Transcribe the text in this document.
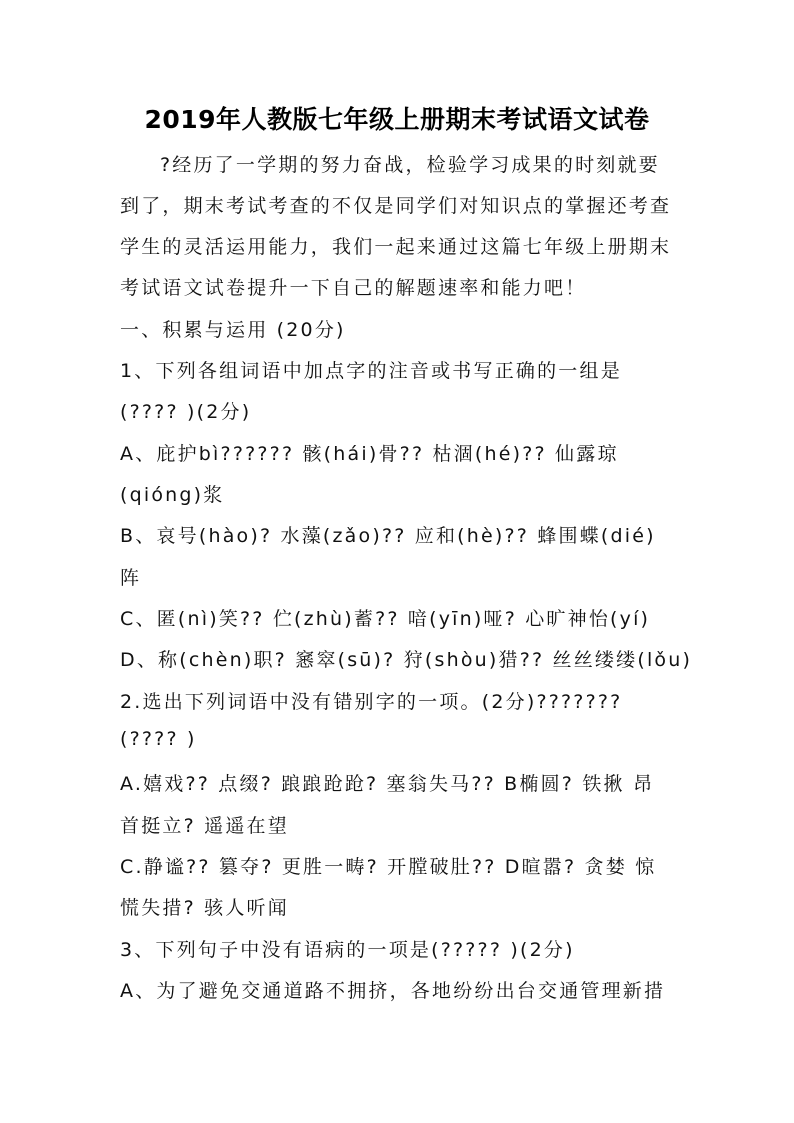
2019年人教版七年级上册期末考试语文试卷
?经历了一学期的努力奋战，检验学习成果的时刻就要
到了，期末考试考查的不仅是同学们对知识点的掌握还考查
学生的灵活运用能力，我们一起来通过这篇七年级上册期末
考试语文试卷提升一下自己的解题速率和能力吧！
一、积累与运用 (20分)
1、下列各组词语中加点字的注音或书写正确的一组是
(???? )(2分)
A、庇护bì?????? 骸(hái)骨?? 枯涸(hé)?? 仙露琼
(qióng)浆
B、哀号(hào)? 水藻(zǎo)?? 应和(hè)?? 蜂围蝶(dié)
阵
C、匿(nì)笑?? 伫(zhù)蓄?? 喑(yīn)哑? 心旷神怡(yí)
D、称(chèn)职? 窸窣(sū)? 狩(shòu)猎?? 丝丝缕缕(lǒu)
2.选出下列词语中没有错别字的一项。(2分)???????
(???? )
A.嬉戏?? 点缀? 踉踉跄跄? 塞翁失马?? B椭圆? 铁揪 昂
首挺立? 遥遥在望
C.静谧?? 篡夺? 更胜一畴? 开膛破肚?? D暄嚣? 贪婪 惊
慌失措? 骇人听闻
3、下列句子中没有语病的一项是(????? )(2分)
A、为了避免交通道路不拥挤，各地纷纷出台交通管理新措
